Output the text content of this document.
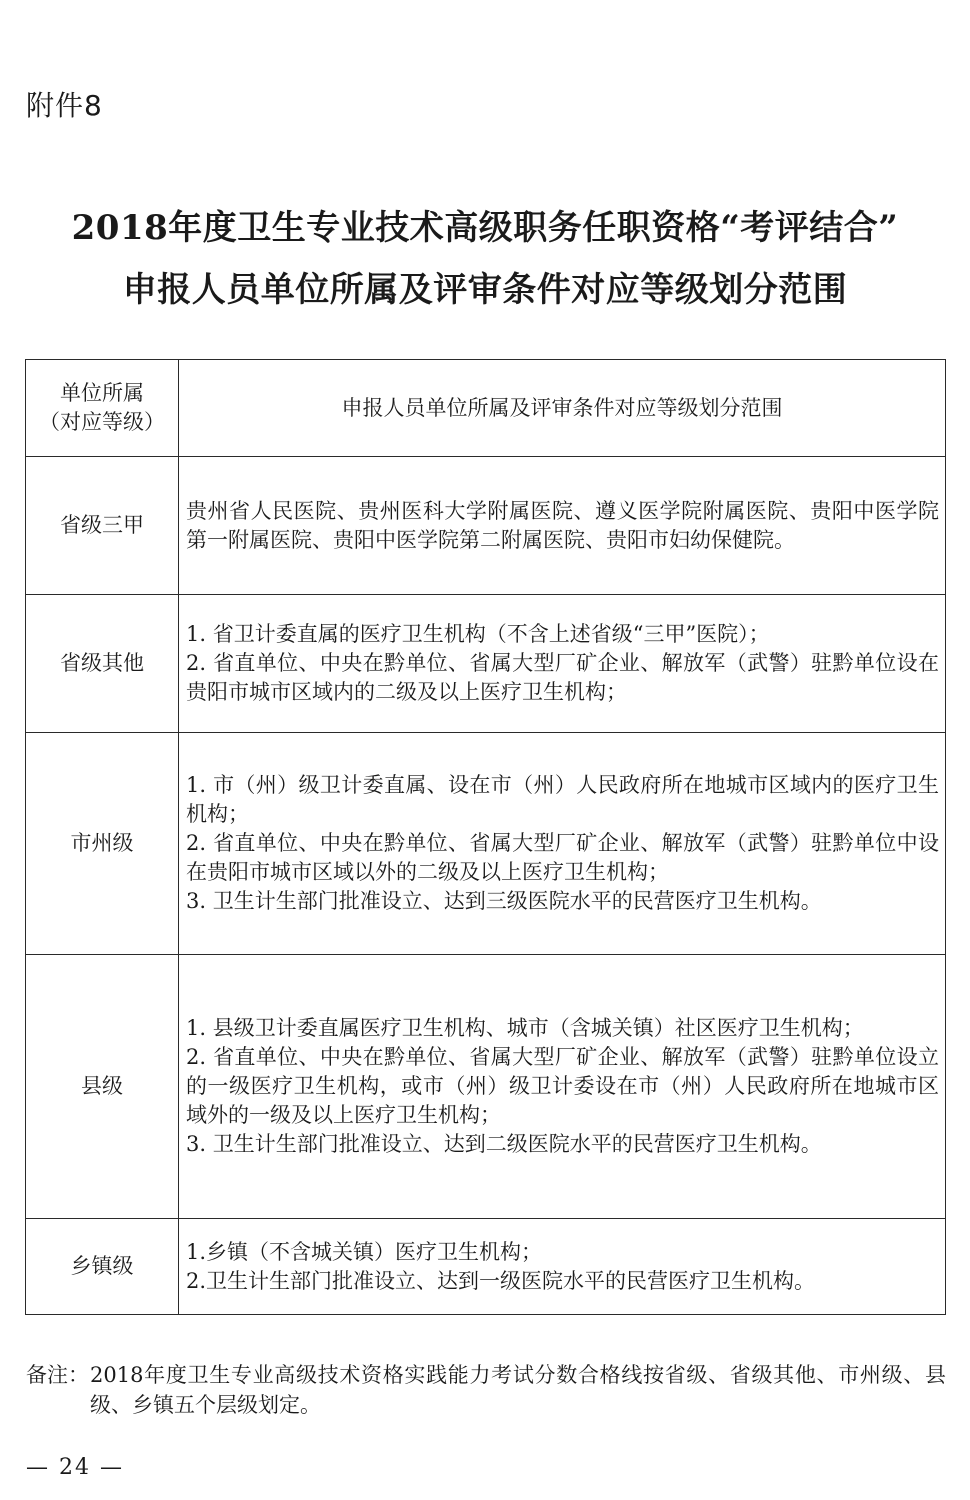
附件8
2018年度卫生专业技术高级职务任职资格“考评结合”
申报人员单位所属及评审条件对应等级划分范围
单位所属
（对应等级）	申报人员单位所属及评审条件对应等级划分范围
省级三甲	贵州省人民医院、贵州医科大学附属医院、遵义医学院附属医院、贵阳中医学院第一附属医院、贵阳中医学院第二附属医院、贵阳市妇幼保健院。

省级其他	1. 省卫计委直属的医疗卫生机构（不含上述省级“三甲”医院）；
2. 省直单位、中央在黔单位、省属大型厂矿企业、解放军（武警）驻黔单位设在贵阳市城市区域内的二级及以上医疗卫生机构；

市州级	1. 市（州）级卫计委直属、设在市（州）人民政府所在地城市区域内的医疗卫生机构；
2. 省直单位、中央在黔单位、省属大型厂矿企业、解放军（武警）驻黔单位中设在贵阳市城市区域以外的二级及以上医疗卫生机构；
3. 卫生计生部门批准设立、达到三级医院水平的民营医疗卫生机构。

县级	1. 县级卫计委直属医疗卫生机构、城市（含城关镇）社区医疗卫生机构；
2. 省直单位、中央在黔单位、省属大型厂矿企业、解放军（武警）驻黔单位设立的一级医疗卫生机构，或市（州）级卫计委设在市（州）人民政府所在地城市区域外的一级及以上医疗卫生机构；
3. 卫生计生部门批准设立、达到二级医院水平的民营医疗卫生机构。

乡镇级	1.乡镇（不含城关镇）医疗卫生机构；
2.卫生计生部门批准设立、达到一级医院水平的民营医疗卫生机构。
备注： 2018年度卫生专业高级技术资格实践能力考试分数合格线按省级、省级其他、市州级、县级、乡镇五个层级划定。
— 24 —
